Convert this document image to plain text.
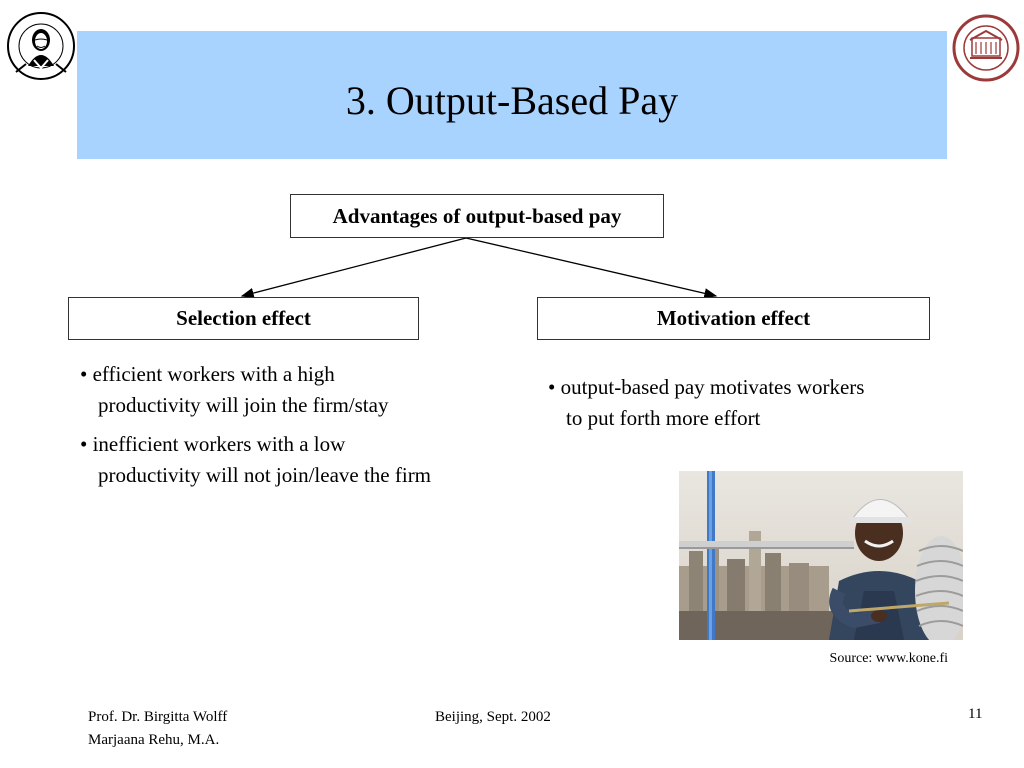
3. Output-Based Pay
Advantages of output-based pay
Selection effect	Motivation effect
• efficient workers with a high
productivity will join the firm/stay
• inefficient workers with a low
productivity will not join/leave the firm
• output-based pay motivates workers
to put forth more effort
Source: www.kone.fi
Prof. Dr. Birgitta Wolff
Marjaana Rehu, M.A.
Beijing, Sept. 2002	11
